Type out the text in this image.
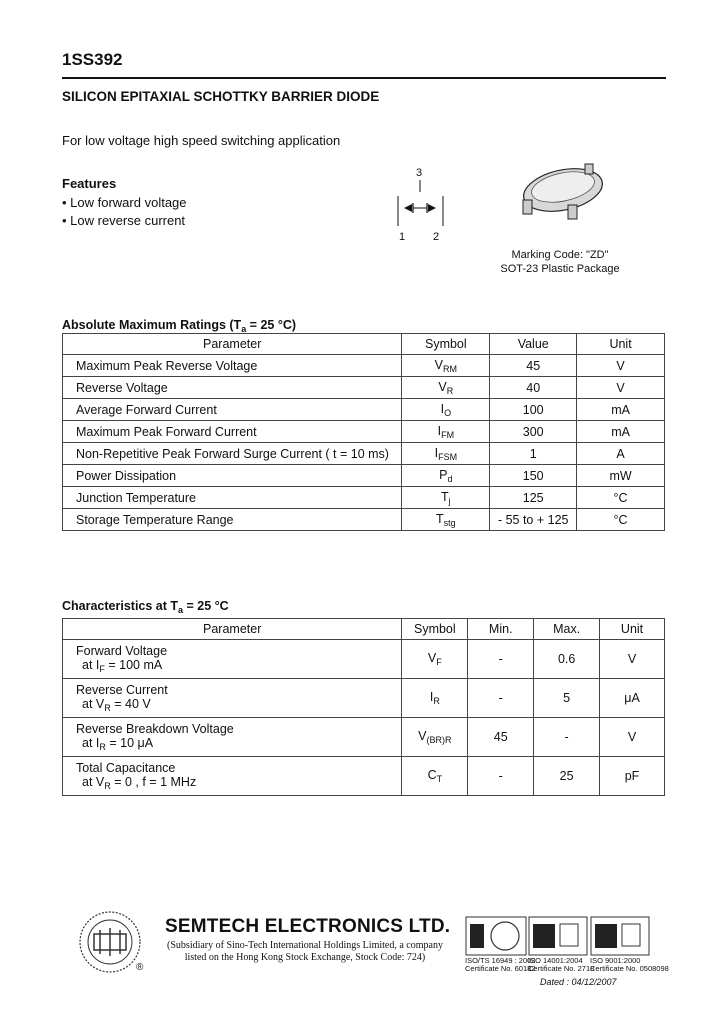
1SS392
SILICON EPITAXIAL SCHOTTKY BARRIER DIODE
For low voltage high speed switching application
Features
• Low forward voltage
• Low reverse current
3
1	2
Marking Code: "ZD"
SOT-23 Plastic Package
Absolute Maximum Ratings ($T_a = 25$ °C)
Parameter	Symbol	Value	Unit
Maximum Peak Reverse Voltage	$V_{RM}$	45	V
Reverse Voltage	$V_R$	40	V
Average Forward Current	$I_O$	100	mA
Maximum Peak Forward Current	$I_{FM}$	300	mA
Non-Repetitive Peak Forward Surge Current ( t = 10 ms)	$I_{FSM}$	1	A
Power Dissipation	$P_d$	150	mW
Junction Temperature	$T_j$	125	°C
Storage Temperature Range	$T_{stg}$	- 55 to + 125	°C
Characteristics at $T_a = 25$ °C
Parameter	Symbol	Min.	Max.	Unit

Forward Voltage
at $I_F = 100$ mA	$V_F$	-	0.6	V

Reverse Current
at $V_R = 40$ V	$I_R$	-	5	μA

Reverse Breakdown Voltage
at $I_R = 10$ μA	$V_{(BR)R}$	45	-	V

Total Capacitance
at $V_R = 0$ , f = 1 MHz	$C_T$	-	25	pF
®
SEMTECH ELECTRONICS LTD.
(Subsidiary of Sino-Tech International Holdings Limited, a company
listed on the Hong Kong Stock Exchange, Stock Code: 724)	ISO/TS 16949 : 2002
Certificate No. 60182
ISO 14001:2004
Certificate No. 2718
ISO 9001:2000
Certificate No. 0508098
Dated : 04/12/2007
